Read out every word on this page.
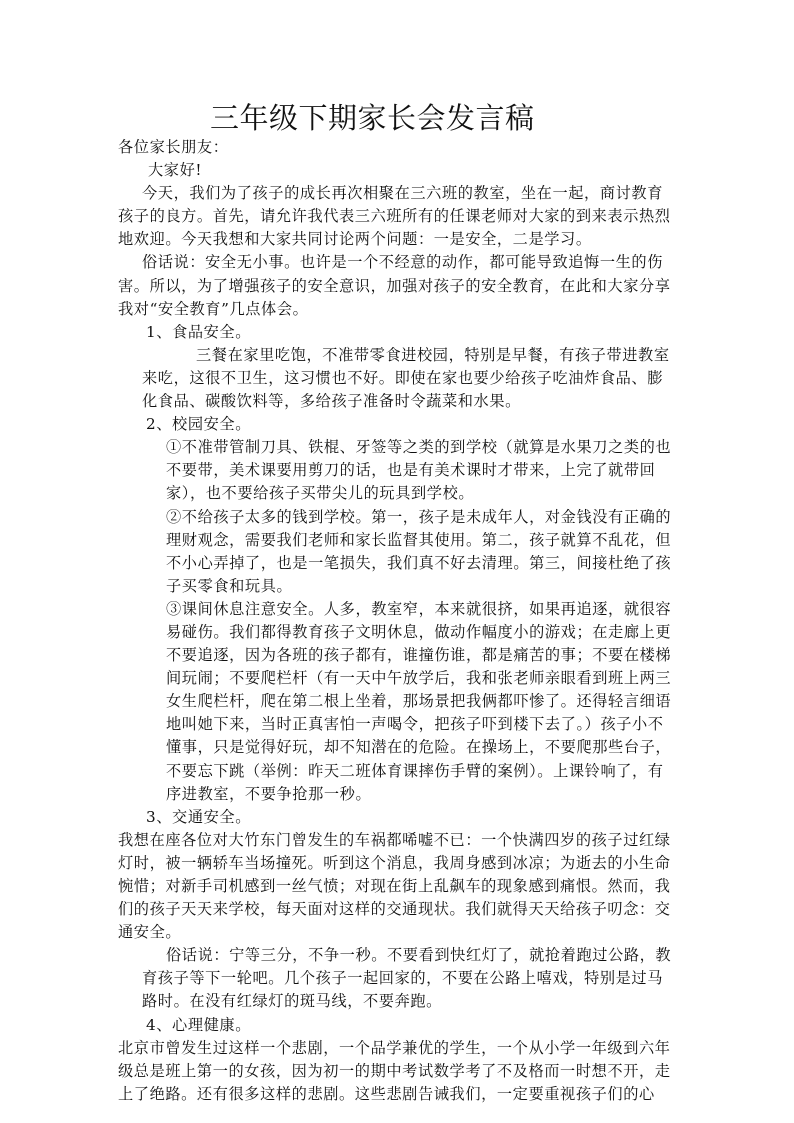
三年级下期家长会发言稿

各位家长朋友：

大家好!

今天，我们为了孩子的成长再次相聚在三六班的教室，坐在一起，商讨教育孩子的良方。首先，请允许我代表三六班所有的任课老师对大家的到来表示热烈地欢迎。今天我想和大家共同讨论两个问题：一是安全，二是学习。

俗话说：安全无小事。也许是一个不经意的动作，都可能导致追悔一生的伤害。所以，为了增强孩子的安全意识，加强对孩子的安全教育，在此和大家分享我对“安全教育”几点体会。

1、食品安全。

三餐在家里吃饱，不准带零食进校园，特别是早餐，有孩子带进教室来吃，这很不卫生，这习惯也不好。即使在家也要少给孩子吃油炸食品、膨化食品、碳酸饮料等，多给孩子准备时令蔬菜和水果。

2、校园安全。

①不准带管制刀具、铁棍、牙签等之类的到学校（就算是水果刀之类的也不要带，美术课要用剪刀的话，也是有美术课时才带来，上完了就带回家），也不要给孩子买带尖儿的玩具到学校。

②不给孩子太多的钱到学校。第一，孩子是未成年人，对金钱没有正确的理财观念，需要我们老师和家长监督其使用。第二，孩子就算不乱花，但不小心弄掉了，也是一笔损失，我们真不好去清理。第三，间接杜绝了孩子买零食和玩具。

③课间休息注意安全。人多，教室窄，本来就很挤，如果再追逐，就很容易碰伤。我们都得教育孩子文明休息，做动作幅度小的游戏；在走廊上更不要追逐，因为各班的孩子都有，谁撞伤谁，都是痛苦的事；不要在楼梯间玩闹；不要爬栏杆（有一天中午放学后，我和张老师亲眼看到班上两三女生爬栏杆，爬在第二根上坐着，那场景把我俩都吓惨了。还得轻言细语地叫她下来，当时正真害怕一声喝令，把孩子吓到楼下去了。）孩子小不懂事，只是觉得好玩，却不知潜在的危险。在操场上，不要爬那些台子，不要忘下跳（举例：昨天二班体育课摔伤手臂的案例）。上课铃响了，有序进教室，不要争抢那一秒。

3、交通安全。

我想在座各位对大竹东门曾发生的车祸都唏嘘不已：一个快满四岁的孩子过红绿灯时，被一辆轿车当场撞死。听到这个消息，我周身感到冰凉；为逝去的小生命惋惜；对新手司机感到一丝气愤；对现在街上乱飙车的现象感到痛恨。然而，我们的孩子天天来学校，每天面对这样的交通现状。我们就得天天给孩子叨念：交通安全。

俗话说：宁等三分，不争一秒。不要看到快红灯了，就抢着跑过公路，教育孩子等下一轮吧。几个孩子一起回家的，不要在公路上嘻戏，特别是过马路时。在没有红绿灯的斑马线，不要奔跑。

4、心理健康。

北京市曾发生过这样一个悲剧，一个品学兼优的学生，一个从小学一年级到六年级总是班上第一的女孩，因为初一的期中考试数学考了不及格而一时想不开，走上了绝路。还有很多这样的悲剧。这些悲剧告诫我们，一定要重视孩子们的心
